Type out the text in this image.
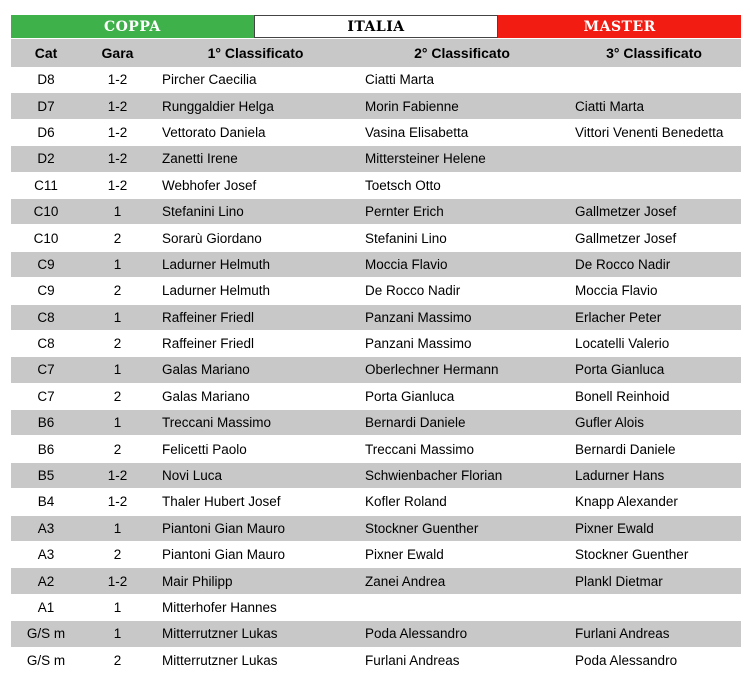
COPPA	ITALIA	MASTER
Cat	Gara	1° Classificato	2° Classificato	3° Classificato
D8	1-2	Pircher Caecilia	Ciatti Marta	
D7	1-2	Runggaldier Helga	Morin Fabienne	Ciatti Marta
D6	1-2	Vettorato Daniela	Vasina Elisabetta	Vittori Venenti Benedetta
D2	1-2	Zanetti Irene	Mittersteiner Helene	
C11	1-2	Webhofer Josef	Toetsch Otto	
C10	1	Stefanini Lino	Pernter Erich	Gallmetzer Josef
C10	2	Sorarù Giordano	Stefanini Lino	Gallmetzer Josef
C9	1	Ladurner Helmuth	Moccia Flavio	De Rocco Nadir
C9	2	Ladurner Helmuth	De Rocco Nadir	Moccia Flavio
C8	1	Raffeiner Friedl	Panzani Massimo	Erlacher Peter
C8	2	Raffeiner Friedl	Panzani Massimo	Locatelli Valerio
C7	1	Galas Mariano	Oberlechner Hermann	Porta Gianluca
C7	2	Galas Mariano	Porta Gianluca	Bonell Reinhoid
B6	1	Treccani Massimo	Bernardi Daniele	Gufler Alois
B6	2	Felicetti Paolo	Treccani Massimo	Bernardi Daniele
B5	1-2	Novi Luca	Schwienbacher Florian	Ladurner Hans
B4	1-2	Thaler Hubert Josef	Kofler Roland	Knapp Alexander
A3	1	Piantoni Gian Mauro	Stockner Guenther	Pixner Ewald
A3	2	Piantoni Gian Mauro	Pixner Ewald	Stockner Guenther
A2	1-2	Mair Philipp	Zanei Andrea	Plankl Dietmar
A1	1	Mitterhofer Hannes		
G/S m	1	Mitterrutzner Lukas	Poda Alessandro	Furlani Andreas
G/S m	2	Mitterrutzner Lukas	Furlani Andreas	Poda Alessandro
